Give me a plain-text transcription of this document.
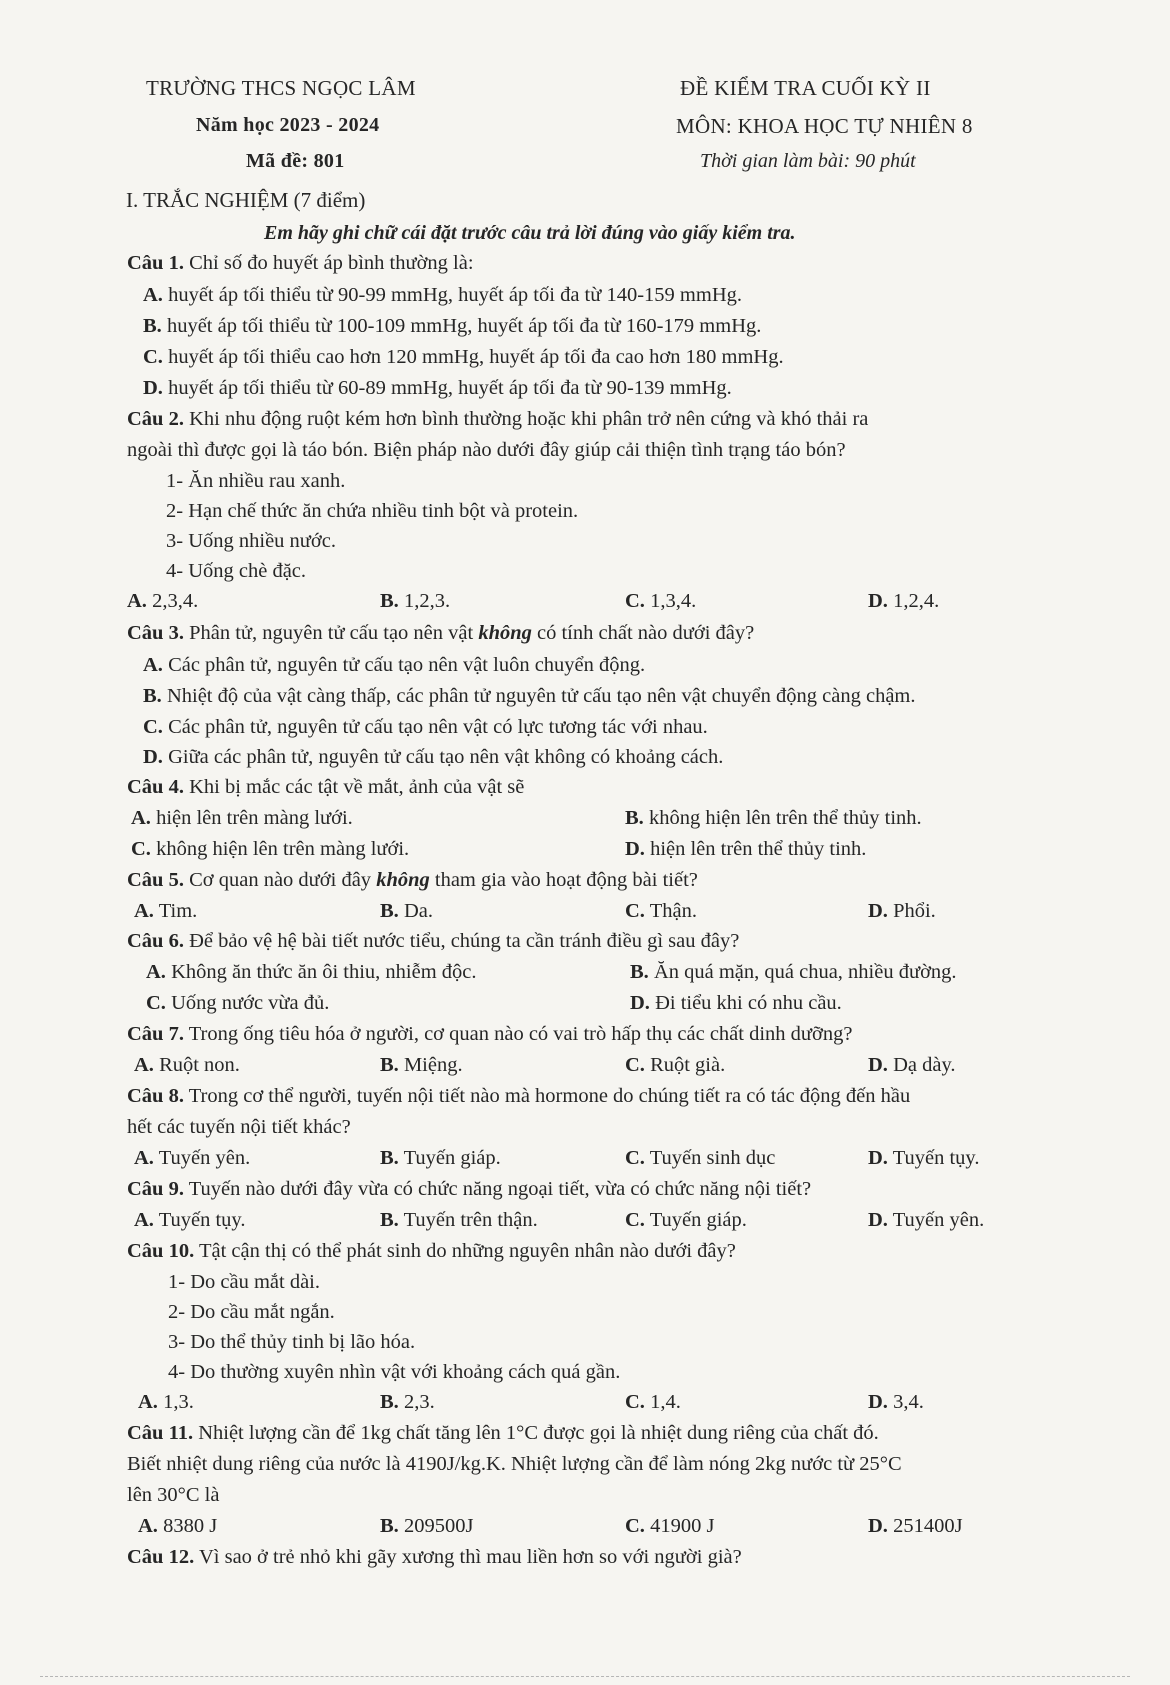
TRƯỜNG THCS NGỌC LÂM
Năm học 2023 - 2024
Mã đề: 801
ĐỀ KIỂM TRA CUỐI KỲ II
MÔN: KHOA HỌC TỰ NHIÊN 8
Thời gian làm bài: 90 phút
I. TRẮC NGHIỆM (7 điểm)
Em hãy ghi chữ cái đặt trước câu trả lời đúng vào giấy kiểm tra.
Câu 1. Chỉ số đo huyết áp bình thường là:
A. huyết áp tối thiểu từ 90-99 mmHg, huyết áp tối đa từ 140-159 mmHg.
B. huyết áp tối thiểu từ 100-109 mmHg, huyết áp tối đa từ 160-179 mmHg.
C. huyết áp tối thiểu cao hơn 120 mmHg, huyết áp tối đa cao hơn 180 mmHg.
D. huyết áp tối thiểu từ 60-89 mmHg, huyết áp tối đa từ 90-139 mmHg.
Câu 2. Khi nhu động ruột kém hơn bình thường hoặc khi phân trở nên cứng và khó thải ra
ngoài thì được gọi là táo bón. Biện pháp nào dưới đây giúp cải thiện tình trạng táo bón?
1- Ăn nhiều rau xanh.
2- Hạn chế thức ăn chứa nhiều tinh bột và protein.
3- Uống nhiều nước.
4- Uống chè đặc.
A. 2,3,4.	B. 1,2,3.	C. 1,3,4.	D. 1,2,4.
Câu 3. Phân tử, nguyên tử cấu tạo nên vật không có tính chất nào dưới đây?
A. Các phân tử, nguyên tử cấu tạo nên vật luôn chuyển động.
B. Nhiệt độ của vật càng thấp, các phân tử nguyên tử cấu tạo nên vật chuyển động càng chậm.
C. Các phân tử, nguyên tử cấu tạo nên vật có lực tương tác với nhau.
D. Giữa các phân tử, nguyên tử cấu tạo nên vật không có khoảng cách.
Câu 4. Khi bị mắc các tật về mắt, ảnh của vật sẽ
A. hiện lên trên màng lưới.	B. không hiện lên trên thể thủy tinh.
C. không hiện lên trên màng lưới.	D. hiện lên trên thể thủy tinh.
Câu 5. Cơ quan nào dưới đây không tham gia vào hoạt động bài tiết?
A. Tim.	B. Da.	C. Thận.	D. Phổi.
Câu 6. Để bảo vệ hệ bài tiết nước tiểu, chúng ta cần tránh điều gì sau đây?
A. Không ăn thức ăn ôi thiu, nhiễm độc.	B. Ăn quá mặn, quá chua, nhiều đường.
C. Uống nước vừa đủ.	D. Đi tiểu khi có nhu cầu.
Câu 7. Trong ống tiêu hóa ở người, cơ quan nào có vai trò hấp thụ các chất dinh dưỡng?
A. Ruột non.	B. Miệng.	C. Ruột già.	D. Dạ dày.
Câu 8. Trong cơ thể người, tuyến nội tiết nào mà hormone do chúng tiết ra có tác động đến hầu
hết các tuyến nội tiết khác?
A. Tuyến yên.	B. Tuyến giáp.	C. Tuyến sinh dục	D. Tuyến tụy.
Câu 9. Tuyến nào dưới đây vừa có chức năng ngoại tiết, vừa có chức năng nội tiết?
A. Tuyến tụy.	B. Tuyến trên thận.	C. Tuyến giáp.	D. Tuyến yên.
Câu 10. Tật cận thị có thể phát sinh do những nguyên nhân nào dưới đây?
1- Do cầu mắt dài.
2- Do cầu mắt ngắn.
3- Do thể thủy tinh bị lão hóa.
4- Do thường xuyên nhìn vật với khoảng cách quá gần.
A. 1,3.	B. 2,3.	C. 1,4.	D. 3,4.
Câu 11. Nhiệt lượng cần để 1kg chất tăng lên 1°C được gọi là nhiệt dung riêng của chất đó.
Biết nhiệt dung riêng của nước là 4190J/kg.K. Nhiệt lượng cần để làm nóng 2kg nước từ 25°C
lên 30°C là
A. 8380 J	B. 209500J	C. 41900 J	D. 251400J
Câu 12. Vì sao ở trẻ nhỏ khi gãy xương thì mau liền hơn so với người già?
